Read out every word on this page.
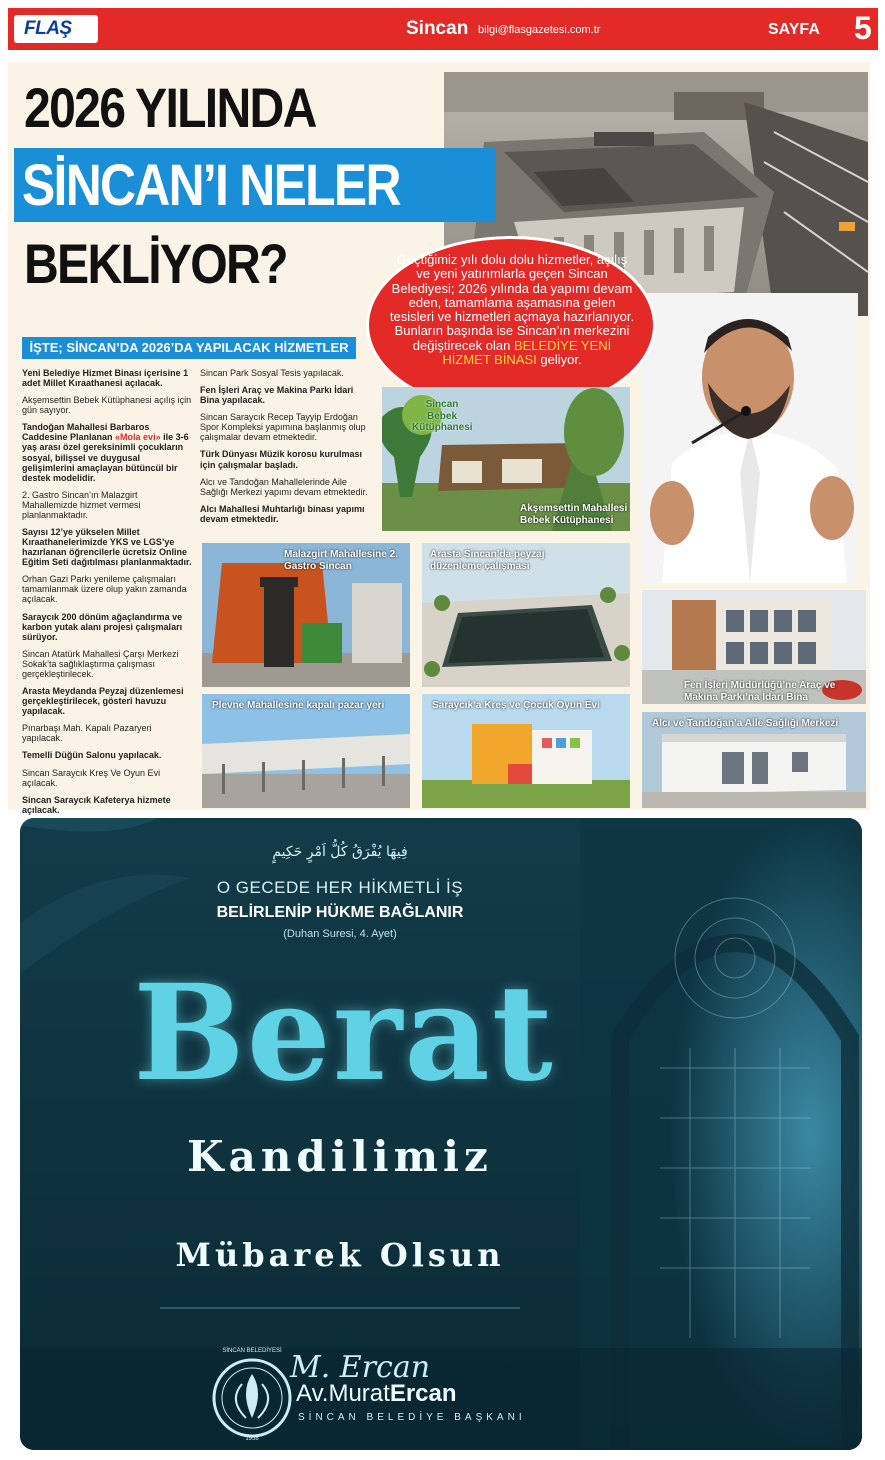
FLAŞ	Sincan bilgi@flasgazetesi.com.tr	SAYFA 5
2026 YILINDA
SİNCAN’I NELER
BEKLİYOR?
İŞTE; SİNCAN’DA 2026’DA YAPILACAK HİZMETLER
Geçtiğimiz yılı dolu dolu hizmetler, açılış ve yeni yatırımlarla geçen Sincan Belediyesi; 2026 yılında da yapımı devam eden, tamamlama aşamasına gelen tesisleri ve hizmetleri açmaya hazırlanıyor. Bunların başında ise Sincan’ın merkezini değiştirecek olan BELEDİYE YENİ HİZMET BİNASI geliyor.

Yeni Belediye Hizmet Binası içerisine 1 adet Millet Kıraathanesi açılacak.

Akşemsettin Bebek Kütüphanesi açılış için gün sayıyor.

Tandoğan Mahallesi Barbaros Caddesine Planlanan «Mola evi» ile 3-6 yaş arası özel gereksinimli çocukların sosyal, bilişsel ve duygusal gelişimlerini amaçlayan bütüncül bir destek modelidir.

2. Gastro Sincan’ın Malazgirt Mahallemizde hizmet vermesi planlanmaktadır.

Sayısı 12’ye yükselen Millet Kıraathanelerimizde YKS ve LGS’ye hazırlanan öğrencilerle ücretsiz Online Eğitim Seti dağıtılması planlanmaktadır.

Orhan Gazi Parkı yenileme çalışmaları tamamlanmak üzere olup yakın zamanda açılacak.

Saraycık 200 dönüm ağaçlandırma ve karbon yutak alanı projesi çalışmaları sürüyor.

Sincan Atatürk Mahallesi Çarşı Merkezi Sokak’ta sağlıklaştırma çalışması gerçekleştirilecek.

Arasta Meydanda Peyzaj düzenlemesi gerçekleştirilecek, gösteri havuzu yapılacak.

Pınarbaşı Mah. Kapalı Pazaryeri yapılacak.

Temelli Düğün Salonu yapılacak.

Sincan Saraycık Kreş Ve Oyun Evi açılacak.

Sincan Saraycık Kafeterya hizmete açılacak.

Sincan Park Sosyal Tesis yapılacak.

Fen İşleri Araç ve Makina Parkı İdari Bina yapılacak.

Sincan Saraycık Recep Tayyip Erdoğan Spor Kompleksi yapımına başlanmış olup çalışmalar devam etmektedir.

Türk Dünyası Müzik korosu kurulması için çalışmalar başladı.

Alcı ve Tandoğan Mahallelerinde Aile Sağlığı Merkezi yapımı devam etmektedir.

Alcı Mahallesi Muhtarlığı binası yapımı devam etmektedir.

Sincan Bebek Kütüphanesi
Akşemsettin Mahallesi Bebek Kütüphanesi
Malazgirt Mahallesine 2. Gastro Sincan
Arasta Sincan’da peyzaj düzenleme çalışması
Fen İşleri Müdürlüğü’ne Araç ve Makina Parkı’na İdari Bina
Plevne Mahallesine kapalı pazar yeri	Saraycık’a Kreş ve Çocuk Oyun Evi
Alcı ve Tandoğan’a Aile Sağlığı Merkezi
فِيهَا يُفْرَقُ كُلُّ اَمْرٍ حَكِيمٍ
O GECEDE HER HİKMETLİ İŞ
BELİRLENİP HÜKME BAĞLANIR
(Duhan Suresi, 4. Ayet)
Berat
Kandilimiz
Mübarek Olsun
M. Ercan
Av.MuratErcan
SİNCAN BELEDİYE BAŞKANI
SİNCAN BELEDİYESİ
1958
